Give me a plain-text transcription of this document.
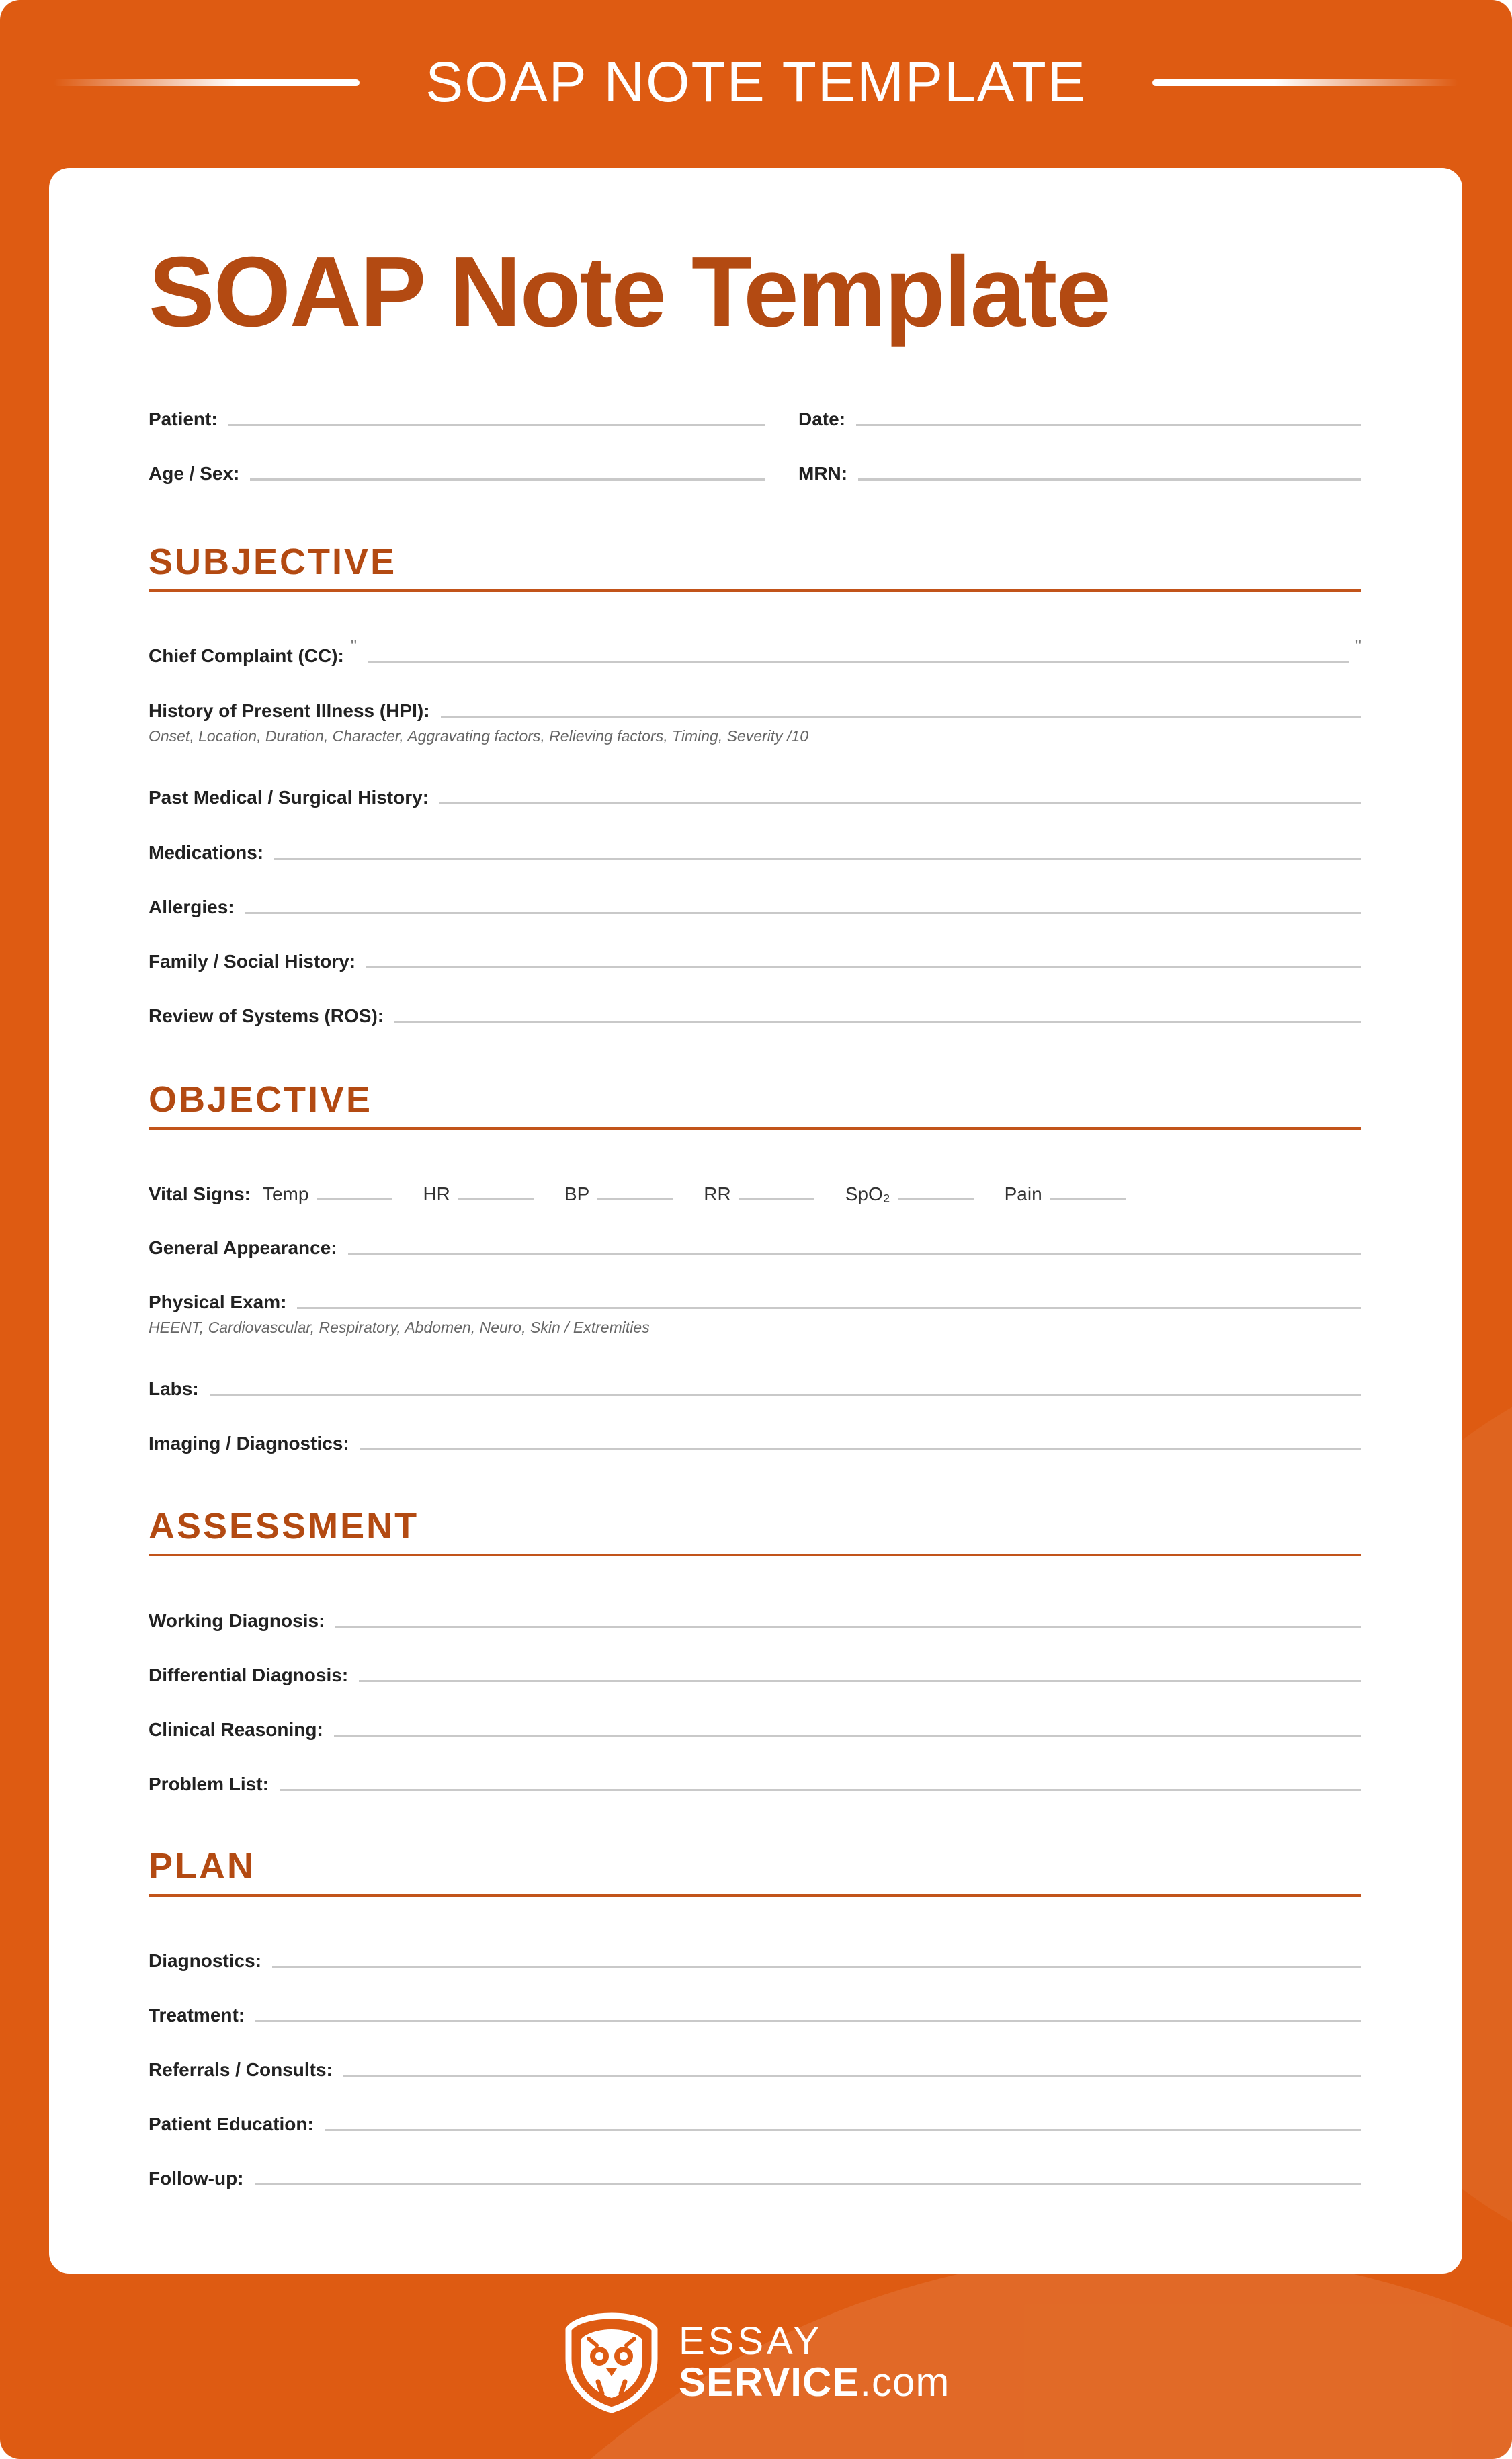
SOAP NOTE TEMPLATE
SOAP Note Template
Patient:	Date:
Age / Sex:	MRN:
SUBJECTIVE
Chief Complaint (CC): "	"
History of Present Illness (HPI):
Onset, Location, Duration, Character, Aggravating factors, Relieving factors, Timing, Severity /10
Past Medical / Surgical History:
Medications:
Allergies:
Family / Social History:
Review of Systems (ROS):
OBJECTIVE
Vital Signs: Temp	HR	BP	RR	SpO₂	Pain
General Appearance:
Physical Exam:
HEENT, Cardiovascular, Respiratory, Abdomen, Neuro, Skin / Extremities
Labs:
Imaging / Diagnostics:
ASSESSMENT
Working Diagnosis:
Differential Diagnosis:
Clinical Reasoning:
Problem List:
PLAN
Diagnostics:
Treatment:
Referrals / Consults:
Patient Education:
Follow-up:
ESSAY
SERVICE.com
